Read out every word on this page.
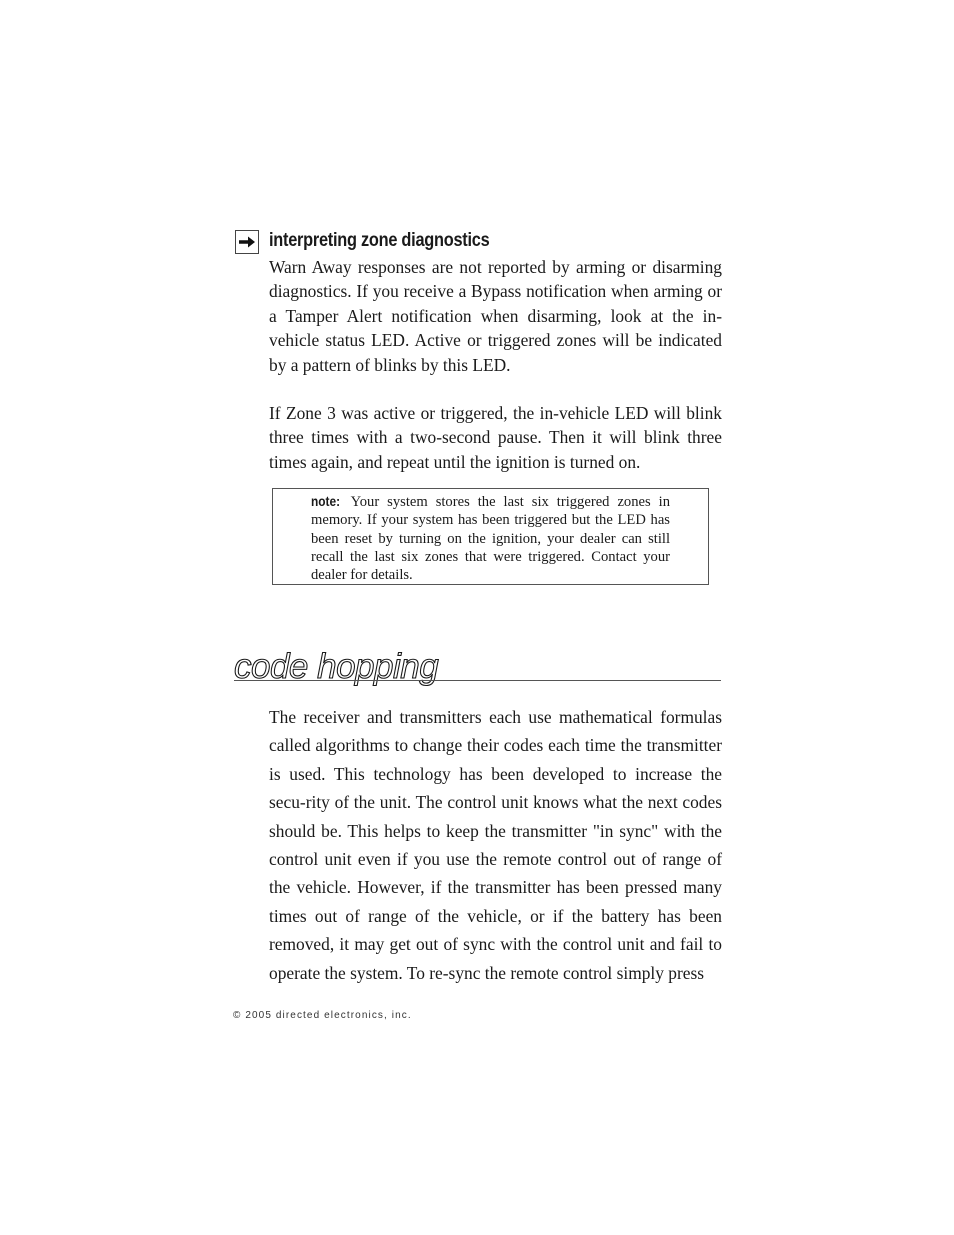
interpreting zone diagnostics

Warn Away responses are not reported by arming or disarming diagnostics. If you receive a Bypass notification when arming or a Tamper Alert notification when disarming, look at the in-vehicle status LED. Active or triggered zones will be indicated by a pattern of blinks by this LED.

If Zone 3 was active or triggered, the in-vehicle LED will blink three times with a two-second pause. Then it will blink three times again, and repeat until the ignition is turned on.

note: Your system stores the last six triggered zones in memory. If your system has been triggered but the LED has been reset by turning on the ignition, your dealer can still recall the last six zones that were triggered. Contact your dealer for details.

code hopping

The receiver and transmitters each use mathematical formulas called algorithms to change their codes each time the transmitter is used. This technology has been developed to increase the secu-rity of the unit. The control unit knows what the next codes should be. This helps to keep the transmitter "in sync" with the control unit even if you use the remote control out of range of the vehicle. However, if the transmitter has been pressed many times out of range of the vehicle, or if the battery has been removed, it may get out of sync with the control unit and fail to operate the system. To re-sync the remote control simply press

© 2005 directed electronics, inc.
